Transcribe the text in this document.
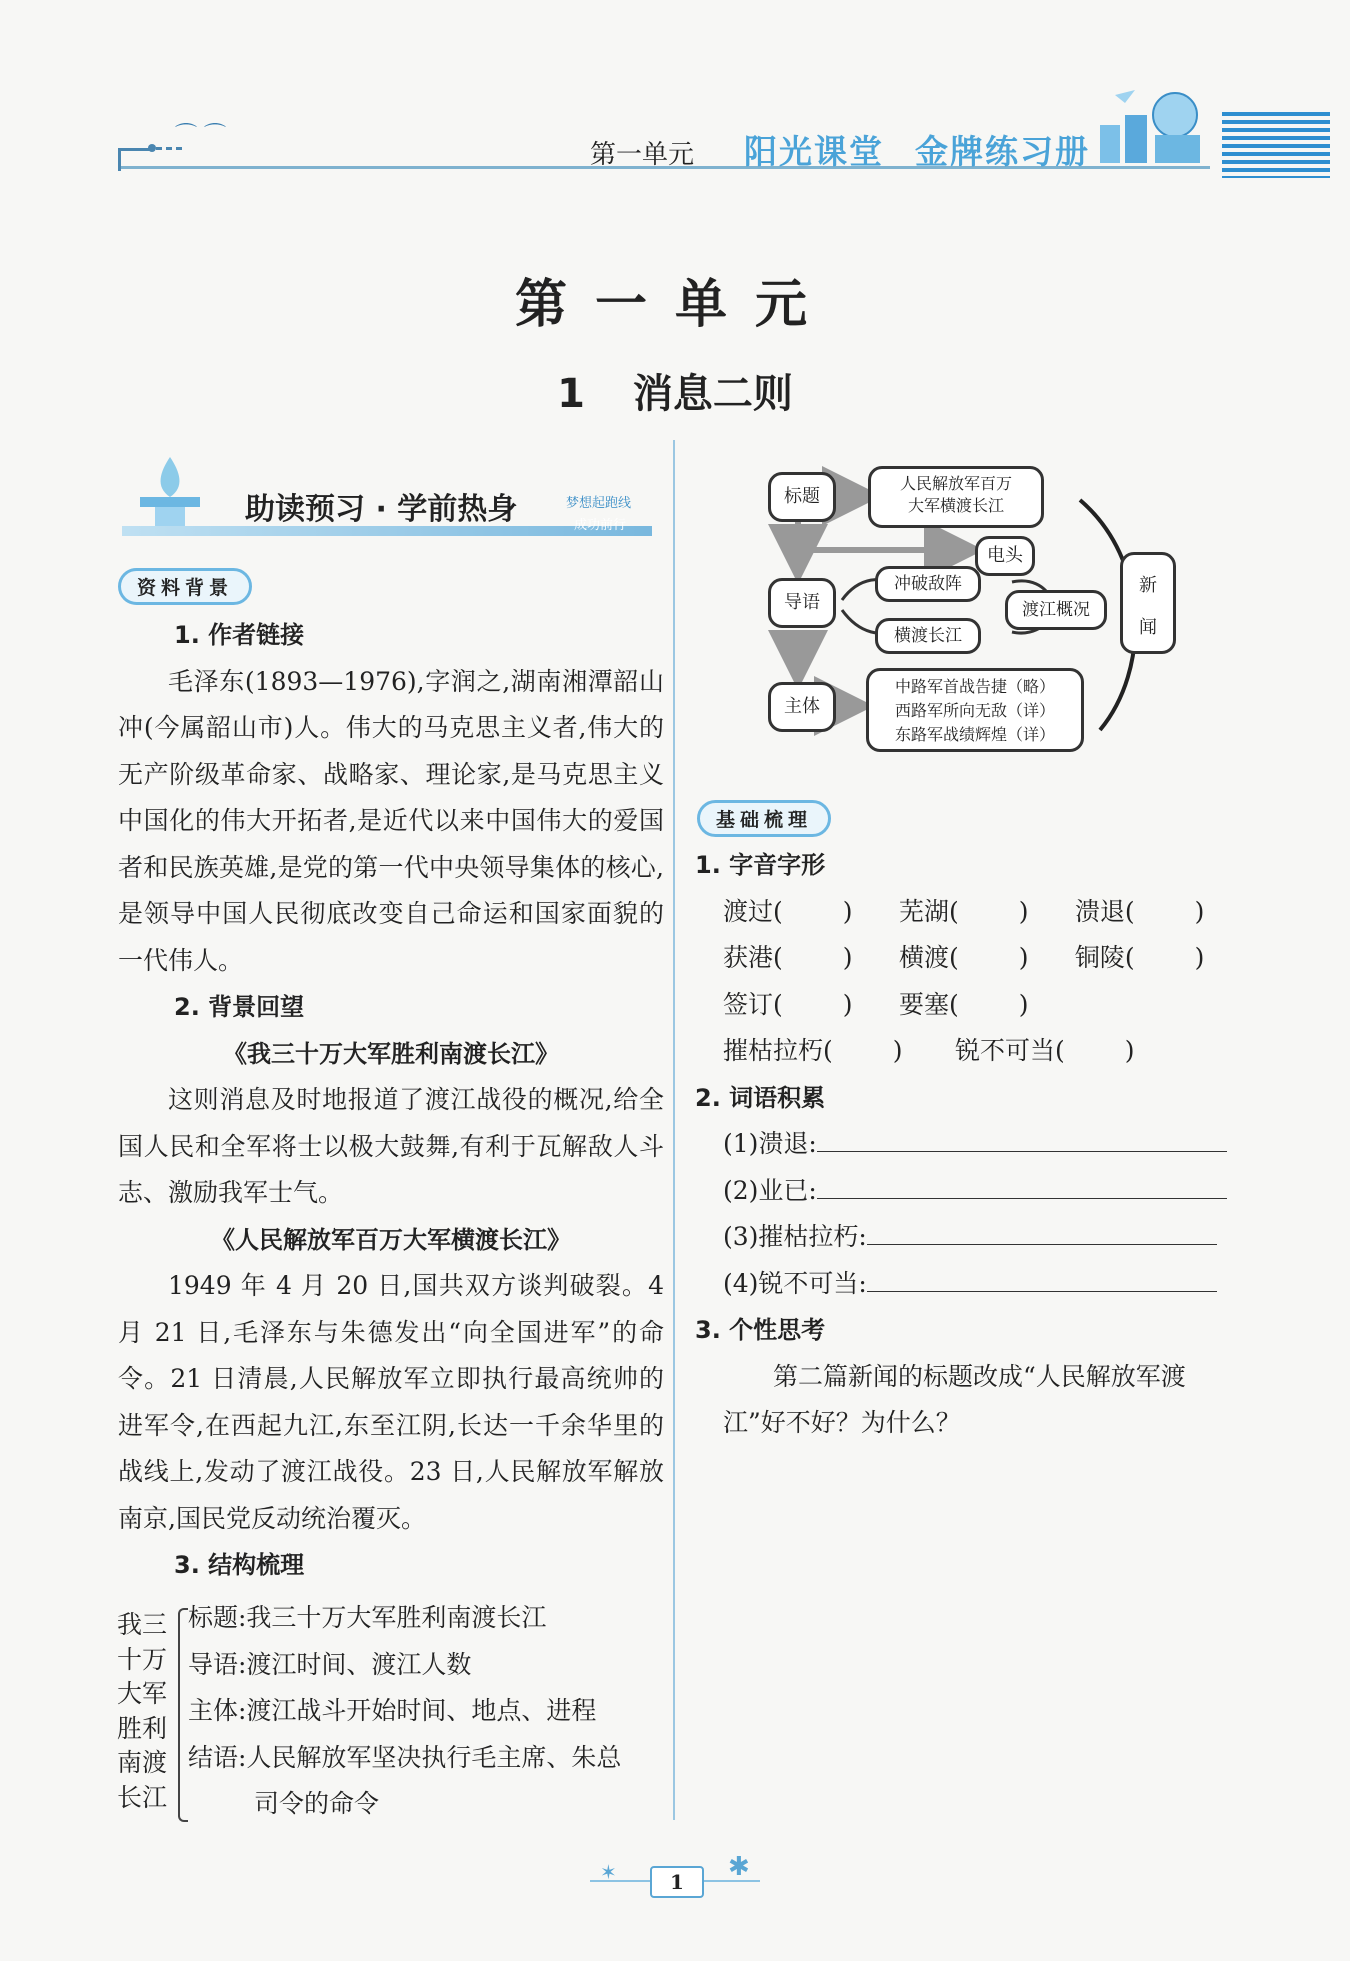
⌒ ⌒
第一单元 阳光课堂 金牌练习册
第一单元
1 消息二则
助读预习 · 学前热身	梦想起跑线
成功前行
资料背景
1. 作者链接
毛泽东(1893—1976),字润之,湖南湘潭韶山冲(今属韶山市)人。伟大的马克思主义者,伟大的无产阶级革命家、战略家、理论家,是马克思主义中国化的伟大开拓者,是近代以来中国伟大的爱国者和民族英雄,是党的第一代中央领导集体的核心,是领导中国人民彻底改变自己命运和国家面貌的一代伟人。
2. 背景回望
《我三十万大军胜利南渡长江》
这则消息及时地报道了渡江战役的概况,给全国人民和全军将士以极大鼓舞,有利于瓦解敌人斗志、激励我军士气。
《人民解放军百万大军横渡长江》
1949 年 4 月 20 日,国共双方谈判破裂。4 月 21 日,毛泽东与朱德发出“向全国进军”的命令。21 日清晨,人民解放军立即执行最高统帅的进军令,在西起九江,东至江阴,长达一千余华里的战线上,发动了渡江战役。23 日,人民解放军解放南京,国民党反动统治覆灭。
3. 结构梳理
我三
十万
大军
胜利
南渡
长江
标题:我三十万大军胜利南渡长江
导语:渡江时间、渡江人数
主体:渡江战斗开始时间、地点、进程
结语:人民解放军坚决执行毛主席、朱总
司令的命令
标题
人民解放军百万
大军横渡长江
电头
导语
冲破敌阵
横渡长江
渡江概况
新
闻
主体
中路军首战告捷（略）
西路军所向无敌（详）
东路军战绩辉煌（详）
基础梳理
1. 字音字形
渡过( ) 芜湖( ) 溃退( )
获港( ) 横渡( ) 铜陵( )
签订( ) 要塞( )
摧枯拉朽( ) 锐不可当( )
2. 词语积累
(1)溃退:
(2)业已:
(3)摧枯拉朽:
(4)锐不可当:
3. 个性思考
第二篇新闻的标题改成“人民解放军渡江”好不好？为什么？
✶	✱
1
